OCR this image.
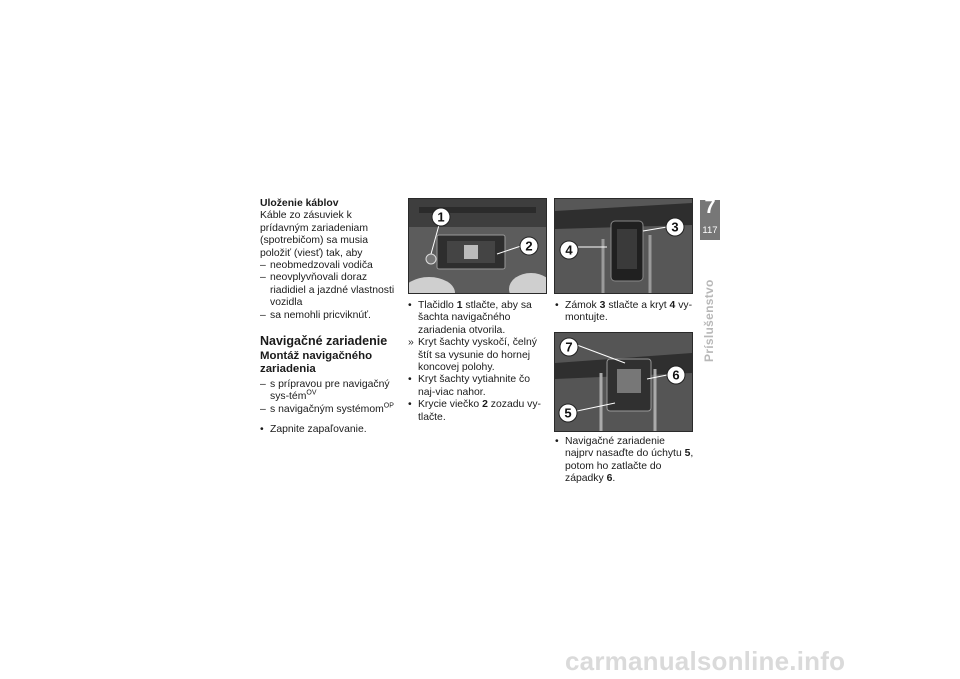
Uloženie káblov
Káble zo zásuviek k prídavným zariadeniam (spotrebičom) sa musia položiť (viesť) tak, aby
– neobmedzovali vodiča
– neovplyvňovali doraz riadidiel a jazdné vlastnosti vozidla
– sa nemohli pricviknúť.
Navigačné zariadenie
Montáž navigačného zariadenia
– s prípravou pre navigačný sys-tém$^{OV}$
– s navigačným systémom$^{OP}$
• Zapnite zapaľovanie.
1
2
• Tlačidlo 1 stlačte, aby sa šachta navigačného zariadenia otvorila.
» Kryt šachty vyskočí, čelný štít sa vysunie do hornej koncovej polohy.
• Kryt šachty vytiahnite čo naj-viac nahor.
• Krycie viečko 2 zozadu vy-tlačte.
3
4
7
6
5
• Zámok 3 stlačte a kryt 4 vy-montujte.
• Navigačné zariadenie najprv nasaďte do úchytu 5, potom ho zatlačte do západky 6.
7
117
Príslušenstvo
carmanualsonline.info
